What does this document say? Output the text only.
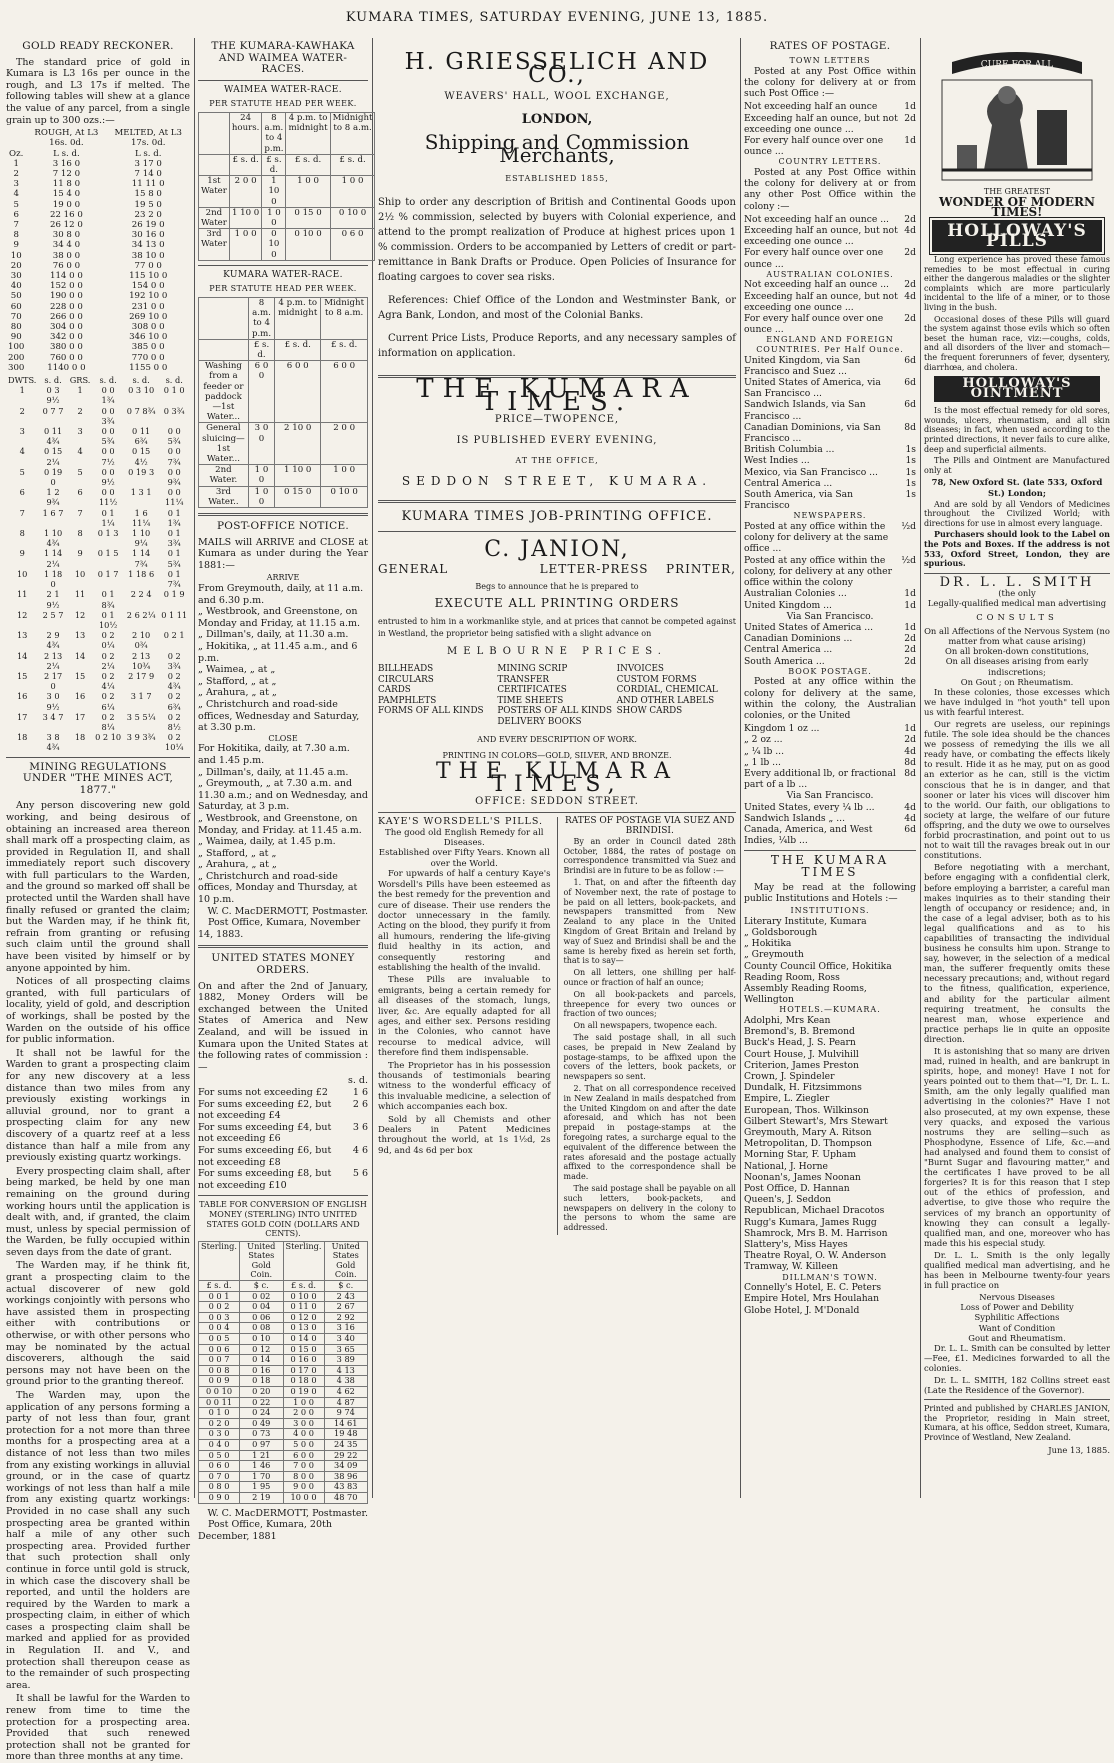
KUMARA TIMES, SATURDAY EVENING, JUNE 13, 1885.
GOLD READY RECKONER.

The standard price of gold in Kumara is L3 16s per ounce in the rough, and L3 17s if melted. The following tables will shew at a glance the value of any parcel, from a single grain up to 300 ozs.:—

	ROUGH, At L3 16s. 0d.	MELTED, At L3 17s. 0d.
Oz.	L s. d.	L s. d.
1	3 16 0	3 17 0
2	7 12 0	7 14 0
3	11 8 0	11 11 0
4	15 4 0	15 8 0
5	19 0 0	19 5 0
6	22 16 0	23 2 0
7	26 12 0	26 19 0
8	30 8 0	30 16 0
9	34 4 0	34 13 0
10	38 0 0	38 10 0
20	76 0 0	77 0 0
30	114 0 0	115 10 0
40	152 0 0	154 0 0
50	190 0 0	192 10 0
60	228 0 0	231 0 0
70	266 0 0	269 10 0
80	304 0 0	308 0 0
90	342 0 0	346 10 0
100	380 0 0	385 0 0
200	760 0 0	770 0 0
300	1140 0 0	1155 0 0
DWTS.	s. d.	GRS.	s. d.	s. d.	s. d.
1	0 3 9½	1	0 0 1¾	0 3 10	0 1 0
2	0 7 7	2	0 0 3¾	0 7 8¾	0 3¾
3	0 11 4¾	3	0 0 5¾	0 11 6¾	0 0 5¾
4	0 15 2¼	4	0 0 7½	0 15 4½	0 0 7¾
5	0 19 0	5	0 0 9½	0 19 3	0 0 9¾
6	1 2 9¾	6	0 0 11½	1 3 1	0 0 11¼
7	1 6 7	7	0 1 1¼	1 6 11¼	0 1 1¾
8	1 10 4¾	8	0 1 3	1 10 9¼	0 1 3¾
9	1 14 2¼	9	0 1 5	1 14 7¾	0 1 5¾
10	1 18 0	10	0 1 7	1 18 6	0 1 7¾
11	2 1 9½	11	0 1 8¾	2 2 4	0 1 9
12	2 5 7	12	0 1 10½	2 6 2¼	0 1 11
13	2 9 4¾	13	0 2 0¼	2 10 0¾	0 2 1
14	2 13 2¼	14	0 2 2¼	2 13 10¾	0 2 3¾
15	2 17 0	15	0 2 4¼	2 17 9	0 2 4¾
16	3 0 9½	16	0 2 6¼	3 1 7	0 2 6¾
17	3 4 7	17	0 2 8¼	3 5 5¼	0 2 8½
18	3 8 4¾	18	0 2 10	3 9 3¾	0 2 10¼
MINING REGULATIONS UNDER "THE MINES ACT, 1877."

Any person discovering new gold working, and being desirous of obtaining an increased area thereon shall mark off a prospecting claim, as provided in Regulation II, and shall immediately report such discovery with full particulars to the Warden, and the ground so marked off shall be protected until the Warden shall have finally refused or granted the claim; but the Warden may, if he think fit, refrain from granting or refusing such claim until the ground shall have been visited by himself or by anyone appointed by him.

Notices of all prospecting claims granted, with full particulars of locality, yield of gold, and description of workings, shall be posted by the Warden on the outside of his office for public information.

It shall not be lawful for the Warden to grant a prospecting claim for any new discovery at a less distance than two miles from any previously existing workings in alluvial ground, nor to grant a prospecting claim for any new discovery of a quartz reef at a less distance than half a mile from any previously existing quartz workings.

Every prospecting claim shall, after being marked, be held by one man remaining on the ground during working hours until the application is dealt with, and, if granted, the claim must, unless by special permission of the Warden, be fully occupied within seven days from the date of grant.

The Warden may, if he think fit, grant a prospecting claim to the actual discoverer of new gold workings conjointly with persons who have assisted them in prospecting either with contributions or otherwise, or with other persons who may be nominated by the actual discoverers, although the said persons may not have been on the ground prior to the granting thereof.

The Warden may, upon the application of any persons forming a party of not less than four, grant protection for a not more than three months for a prospecting area at a distance of not less than two miles from any existing workings in alluvial ground, or in the case of quartz workings of not less than half a mile from any existing quartz workings: Provided in no case shall any such prospecting area be granted within half a mile of any other such prospecting area. Provided further that such protection shall only continue in force until gold is struck, in which case the discovery shall be reported, and until the holders are required by the Warden to mark a prospecting claim, in either of which cases a prospecting claim shall be marked and applied for as provided in Regulation II. and V., and protection shall thereupon cease as to the remainder of such prospecting area.

It shall be lawful for the Warden to renew from time to time the protection for a prospecting area. Provided that such renewed protection shall not be granted for more than three months at any time.

THE KUMARA-KAWHAKA AND WAIMEA WATER-RACES.
WAIMEA WATER-RACE.
PER STATUTE HEAD PER WEEK.
	24 hours.	8 a.m. to 4 p.m.	4 p.m. to midnight	Midnight to 8 a.m.
	£ s. d.	£ s. d.	£ s. d.	£ s. d.
1st Water	2 0 0	1 10 0	1 0 0	1 0 0
2nd Water	1 10 0	1 0 0	0 15 0	0 10 0
3rd Water	1 0 0	0 10 0	0 10 0	0 6 0
KUMARA WATER-RACE.
PER STATUTE HEAD PER WEEK.
	8 a.m. to 4 p.m.	4 p.m. to midnight	Midnight to 8 a.m.
	£ s. d.	£ s. d.	£ s. d.
Washing from a feeder or paddock—1st Water...	6 0 0	6 0 0	6 0 0
General sluicing—1st Water...	3 0 0	2 10 0	2 0 0
2nd Water.	1 0 0	1 10 0	1 0 0
3rd Water..	1 0 0	0 15 0	0 10 0
POST-OFFICE NOTICE.

MAILS will ARRIVE and CLOSE at Kumara as under during the Year 1881:—

ARRIVE
From Greymouth, daily, at 11 a.m. and 6.30 p.m.
„ Westbrook, and Greenstone, on Monday and Friday, at 11.15 a.m.
„ Dillman's, daily, at 11.30 a.m.
„ Hokitika, „ at 11.45 a.m., and 6 p.m.
„ Waimea, „ at „
„ Stafford, „ at „
„ Arahura, „ at „
„ Christchurch and road-side offices, Wednesday and Saturday, at 3.30 p.m.
CLOSE
For Hokitika, daily, at 7.30 a.m. and 1.45 p.m.
„ Dillman's, daily, at 11.45 a.m.
„ Greymouth, „ at 7.30 a.m. and 11.30 a.m.; and on Wednesday, and Saturday, at 3 p.m.
„ Westbrook, and Greenstone, on Monday, and Friday. at 11.45 a.m.
„ Waimea, daily, at 1.45 p.m.
„ Stafford, „ at „
„ Arahura, „ at „
„ Christchurch and road-side offices, Monday and Thursday, at 10 p.m.
W. C. MacDERMOTT, Postmaster.
Post Office, Kumara, November 14, 1883.
UNITED STATES MONEY ORDERS.

On and after the 2nd of January, 1882, Money Orders will be exchanged between the United States of America and New Zealand, and will be issued in Kumara upon the United States at the following rates of commission :—

s. d.
For sums not exceeding £2	1 6
For sums exceeding £2, but not exceeding £4
2 6
For sums exceeding £4, but not exceeding £6
3 6
For sums exceeding £6, but not exceeding £8
4 6
For sums exceeding £8, but not exceeding £10
5 6

TABLE FOR CONVERSION OF ENGLISH MONEY (STERLING) INTO UNITED STATES GOLD COIN (DOLLARS AND CENTS).

Sterling.	United States Gold Coin.	Sterling.	United States Gold Coin.
£ s. d.	$ c.	£ s. d.	$ c.
0 0 1	0 02	0 10 0	2 43
0 0 2	0 04	0 11 0	2 67
0 0 3	0 06	0 12 0	2 92
0 0 4	0 08	0 13 0	3 16
0 0 5	0 10	0 14 0	3 40
0 0 6	0 12	0 15 0	3 65
0 0 7	0 14	0 16 0	3 89
0 0 8	0 16	0 17 0	4 13
0 0 9	0 18	0 18 0	4 38
0 0 10	0 20	0 19 0	4 62
0 0 11	0 22	1 0 0	4 87
0 1 0	0 24	2 0 0	9 74
0 2 0	0 49	3 0 0	14 61
0 3 0	0 73	4 0 0	19 48
0 4 0	0 97	5 0 0	24 35
0 5 0	1 21	6 0 0	29 22
0 6 0	1 46	7 0 0	34 09
0 7 0	1 70	8 0 0	38 96
0 8 0	1 95	9 0 0	43 83
0 9 0	2 19	10 0 0	48 70
W. C. MacDERMOTT, Postmaster.
Post Office, Kumara, 20th December, 1881
H. GRIESSELICH AND CO.,
WEAVERS' HALL, WOOL EXCHANGE,
LONDON,
Shipping and Commission Merchants,
ESTABLISHED 1855,

Ship to order any description of British and Continental Goods upon 2½ % commission, selected by buyers with Colonial experience, and attend to the prompt realization of Produce at highest prices upon 1 % commission. Orders to be accompanied by Letters of credit or part-remittance in Bank Drafts or Produce. Open Policies of Insurance for floating cargoes to cover sea risks.

References: Chief Office of the London and Westminster Bank, or Agra Bank, London, and most of the Colonial Banks.

Current Price Lists, Produce Reports, and any necessary samples of information on application.

THE KUMARA TIMES.
PRICE—TWOPENCE,
IS PUBLISHED EVERY EVENING,
AT THE OFFICE,
SEDDON STREET, KUMARA.
KUMARA TIMES JOB-PRINTING OFFICE.
C. JANION,
GENERAL	LETTER-PRESS	PRINTER,
Begs to announce that he is prepared to
EXECUTE ALL PRINTING ORDERS

entrusted to him in a workmanlike style, and at prices that cannot be competed against in Westland, the proprietor being satisfied with a slight advance on

MELBOURNE PRICES.
BILLHEADS
CIRCULARS
CARDS
PAMPHLETS
FORMS OF ALL KINDS
MINING SCRIP
TRANSFER CERTIFICATES
TIME SHEETS
POSTERS OF ALL KINDS
DELIVERY BOOKS
INVOICES
CUSTOM FORMS
CORDIAL, CHEMICAL
AND OTHER LABELS
SHOW CARDS
AND EVERY DESCRIPTION OF WORK.
PRINTING IN COLORS—GOLD, SILVER, AND BRONZE.
THE KUMARA TIMES,
OFFICE: SEDDON STREET.
KAYE'S WORSDELL'S PILLS.
The good old English Remedy for all Diseases.
Established over Fifty Years. Known all over the World.

For upwards of half a century Kaye's Worsdell's Pills have been esteemed as the best remedy for the prevention and cure of disease. Their use renders the doctor unnecessary in the family. Acting on the blood, they purify it from all humours, rendering the life-giving fluid healthy in its action, and consequently restoring and establishing the health of the invalid.

These Pills are invaluable to emigrants, being a certain remedy for all diseases of the stomach, lungs, liver, &c. Are equally adapted for all ages, and either sex. Persons residing in the Colonies, who cannot have recourse to medical advice, will therefore find them indispensable.

The Proprietor has in his possession thousands of testimonials bearing witness to the wonderful efficacy of this invaluable medicine, a selection of which accompanies each box.

Sold by all Chemists and other Dealers in Patent Medicines throughout the world, at 1s 1½d, 2s 9d, and 4s 6d per box

RATES OF POSTAGE VIA SUEZ AND BRINDISI.

By an order in Council dated 28th October, 1884, the rates of postage on correspondence transmitted via Suez and Brindisi are in future to be as follow :—

1. That, on and after the fifteenth day of November next, the rate of postage to be paid on all letters, book-packets, and newspapers transmitted from New Zealand to any place in the United Kingdom of Great Britain and Ireland by way of Suez and Brindisi shall be and the same is hereby fixed as herein set forth, that is to say—

On all letters, one shilling per half-ounce or fraction of half an ounce;

On all book-packets and parcels, threepence for every two ounces or fraction of two ounces;

On all newspapers, twopence each.

The said postage shall, in all such cases, be prepaid in New Zealand by postage-stamps, to be affixed upon the covers of the letters, book packets, or newspapers so sent.

2. That on all correspondence received in New Zealand in mails despatched from the United Kingdom on and after the date aforesaid, and which has not been prepaid in postage-stamps at the foregoing rates, a surcharge equal to the equivalent of the difference between the rates aforesaid and the postage actually affixed to the correspondence shall be made.

The said postage shall be payable on all such letters, book-packets, and newspapers on delivery in the colony to the persons to whom the same are addressed.

RATES OF POSTAGE.
TOWN LETTERS

Posted at any Post Office within the colony for delivery at or from such Post Office :—

Not exceeding half an ounce	1d
Exceeding half an ounce, but not exceeding one ounce ...
2d
For every half ounce over one ounce ...
1d
COUNTRY LETTERS.

Posted at any Post Office within the colony for delivery at or from any other Post Office within the colony :—

Not exceeding half an ounce ...	2d
Exceeding half an ounce, but not exceeding one ounce ...
4d
For every half ounce over one ounce ...
2d
AUSTRALIAN COLONIES.
Not exceeding half an ounce ...	2d
Exceeding half an ounce, but not exceeding one ounce ...
4d
For every half ounce over one ounce ...
2d
ENGLAND AND FOREIGN COUNTRIES. Per Half Ounce.
United Kingdom, via San Francisco and Suez ...
6d
United States of America, via San Francisco ...
6d
Sandwich Islands, via San Francisco ...
6d
Canadian Dominions, via San Francisco ...
8d
British Columbia ...	1s
West Indies ...	1s
Mexico, via San Francisco ...	1s
Central America ...	1s
South America, via San Francisco
1s
NEWSPAPERS.
Posted at any office within the colony for delivery at the same office ...
½d
Posted at any office within the colony, for delivery at any other office within the colony
½d
Australian Colonies ...	1d
United Kingdom ...	1d
Via San Francisco.
United States of America ...	1d
Canadian Dominions ...	2d
Central America ...	2d
South America ...	2d
BOOK POSTAGE.

Posted at any office within the colony for delivery at the same, within the colony, the Australian colonies, or the United

Kingdom 1 oz ...	1d
„ 2 oz ...	2d
„ ¼ lb ...	4d
„ 1 lb ...	8d
Every additional lb, or fractional part of a lb ...
8d
Via San Francisco.
United States, every ¼ lb ...	4d
Sandwich Islands „ ...	4d
Canada, America, and West Indies, ¼lb ...
6d
THE KUMARA TIMES

May be read at the following public Institutions and Hotels :—

INSTITUTIONS.
Literary Institute, Kumara
„ Goldsborough
„ Hokitika
„ Greymouth
County Council Office, Hokitika
Reading Room, Ross
Assembly Reading Rooms, Wellington
HOTELS.—KUMARA.
Adolphi, Mrs Kean
Bremond's, B. Bremond
Buck's Head, J. S. Pearn
Court House, J. Mulvihill
Criterion, James Preston
Crown, J. Spindeler
Dundalk, H. Fitzsimmons
Empire, L. Ziegler
European, Thos. Wilkinson
Gilbert Stewart's, Mrs Stewart
Greymouth, Mary A. Ritson
Metropolitan, D. Thompson
Morning Star, F. Upham
National, J. Horne
Noonan's, James Noonan
Post Office, D. Hannan
Queen's, J. Seddon
Republican, Michael Dracotos
Rugg's Kumara, James Rugg
Shamrock, Mrs B. M. Harrison
Slattery's, Miss Hayes
Theatre Royal, O. W. Anderson
Tramway, W. Killeen
DILLMAN'S TOWN.
Connelly's Hotel, E. C. Peters
Empire Hotel, Mrs Houlahan
Globe Hotel, J. M'Donald
CURE FOR ALL
THE GREATEST
WONDER OF MODERN TIMES!
HOLLOWAY'S PILLS

Long experience has proved these famous remedies to be most effectual in curing either the dangerous maladies or the slighter complaints which are more particularly incidental to the life of a miner, or to those living in the bush.

Occasional doses of these Pills will guard the system against those evils which so often beset the human race, viz:—coughs, colds, and all disorders of the liver and stomach—the frequent forerunners of fever, dysentery, diarrhœa, and cholera.

HOLLOWAY'S OINTMENT

Is the most effectual remedy for old sores, wounds, ulcers, rheumatism, and all skin diseases; in fact, when used according to the printed directions, it never fails to cure alike, deep and superficial ailments.

The Pills and Ointment are Manufactured only at

78, New Oxford St. (late 533, Oxford St.) London;

And are sold by all Vendors of Medicines throughout the Civilized World; with directions for use in almost every language.

Purchasers should look to the Label on the Pots and Boxes. If the address is not 533, Oxford Street, London, they are spurious.

DR. L. L. SMITH
(the only
Legally-qualified medical man advertising
CONSULTS
On all Affections of the Nervous System (no matter from what cause arising)
On all broken-down constitutions,
On all diseases arising from early indiscretions;
On Gout ; on Rheumatism.

In these colonies, those excesses which we have indulged in "hot youth" tell upon us with fearful interest.

Our regrets are useless, our repinings futile. The sole idea should be the chances we possess of remedying the ills we all ready have, or combating the effects likely to result. Hide it as he may, put on as good an exterior as he can, still is the victim conscious that he is in danger, and that sooner or later his vices will discover him to the world. Our faith, our obligations to society at large, the welfare of our future offspring, and the duty we owe to ourselves forbid procrastination, and point out to us not to wait till the ravages break out in our constitutions.

Before negotiating with a merchant, before engaging with a confidential clerk, before employing a barrister, a careful man makes inquiries as to their standing their length of occupancy or residence; and, in the case of a legal adviser, both as to his legal qualifications and as to his capabilities of transacting the individual business he consults him upon. Strange to say, however, in the selection of a medical man, the sufferer frequently omits these necessary precautions; and, without regard to the fitness, qualification, experience, and ability for the particular ailment requiring treatment, he consults the nearest man, whose experience and practice perhaps lie in quite an opposite direction.

It is astonishing that so many are driven mad, ruined in health, and are bankrupt in spirits, hope, and money! Have I not for years pointed out to them that—"I, Dr. L. L. Smith, am the only legally qualified man advertising in the colonies?" Have I not also prosecuted, at my own expense, these very quacks, and exposed the various nostrums they are selling—such as Phosphodyne, Essence of Life, &c.—and had analysed and found them to consist of "Burnt Sugar and flavouring matter," and the certificates I have proved to be all forgeries? It is for this reason that I step out of the ethics of profession, and advertise, to give those who require the services of my branch an opportunity of knowing they can consult a legally-qualified man, and one, moreover who has made this his especial study.

Dr. L. L. Smith is the only legally qualified medical man advertising, and he has been in Melbourne twenty-four years in full practice on

Nervous Diseases
Loss of Power and Debility
Syphilitic Affections
Want of Condition
Gout and Rheumatism.

Dr. L. L. Smith can be consulted by letter—Fee, £1. Medicines forwarded to all the colonies.

Dr. L. L. SMITH, 182 Collins street east (Late the Residence of the Governor).

Printed and published by CHARLES JANION, the Proprietor, residing in Main street, Kumara, at his office, Seddon street, Kumara, Province of Westland, New Zealand.

June 13, 1885.
